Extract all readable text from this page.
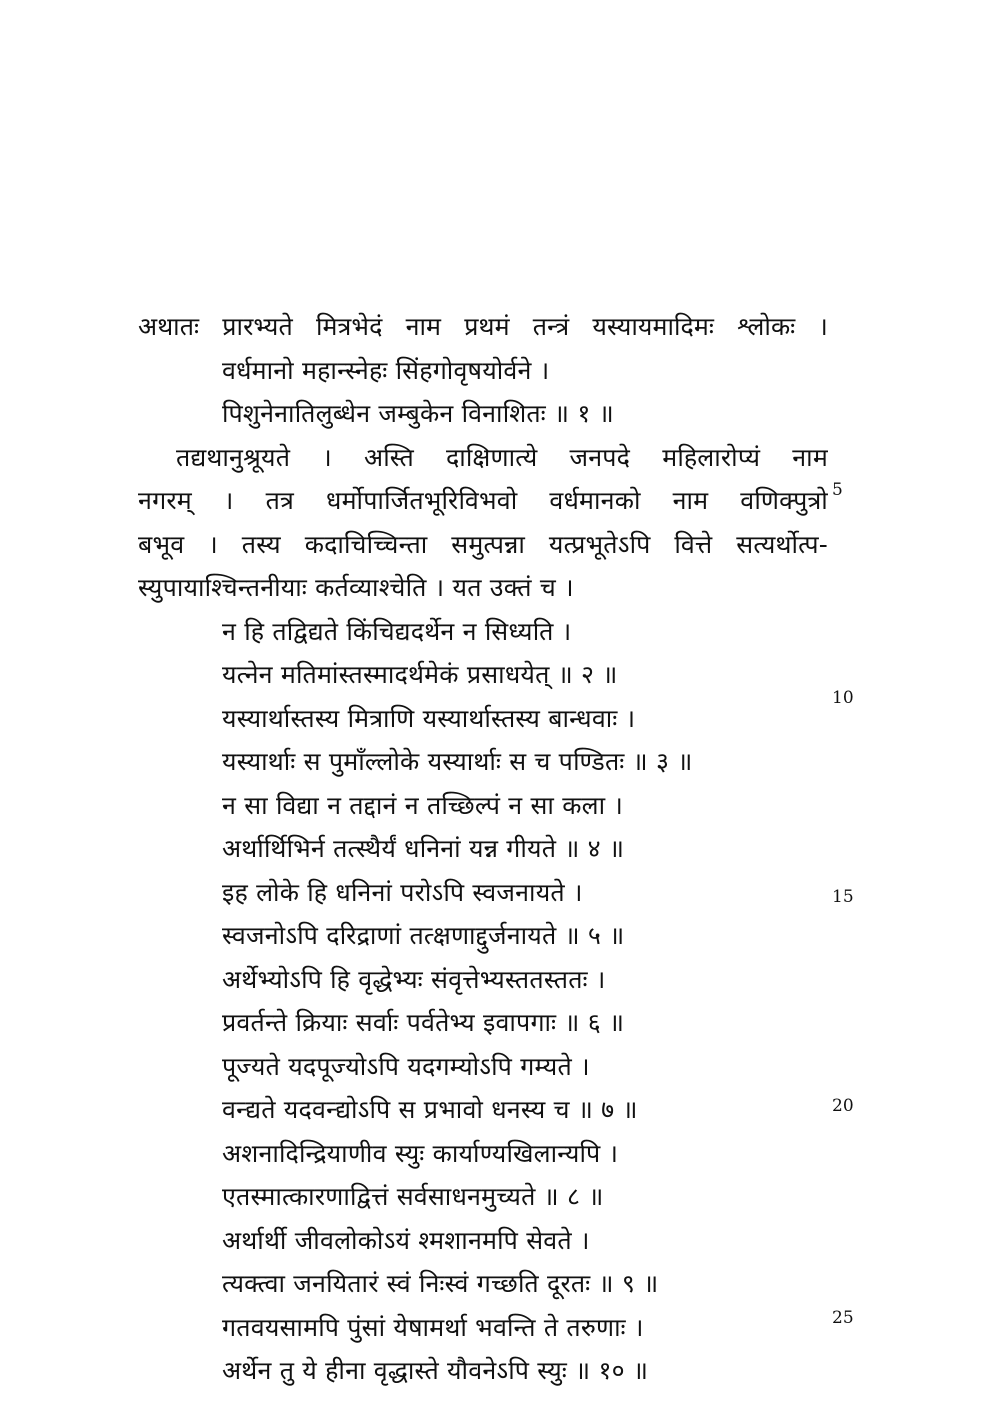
अथातः प्रारभ्यते मित्रभेदं नाम प्रथमं तन्त्रं यस्यायमादिमः श्लोकः ।
वर्धमानो महान्स्नेहः सिंहगोवृषयोर्वने ।
पिशुनेनातिलुब्धेन जम्बुकेन विनाशितः ॥ १ ॥
तद्यथानुश्रूयते । अस्ति दाक्षिणात्ये जनपदे महिलारोप्यं नाम
नगरम् । तत्र धर्मोपार्जितभूरिविभवो वर्धमानको नाम वणिक्पुत्रो
बभूव । तस्य कदाचिच्चिन्ता समुत्पन्ना यत्प्रभूतेऽपि वित्ते सत्यर्थोत्प-
स्युपायाश्चिन्तनीयाः कर्तव्याश्चेति । यत उक्तं च ।
न हि तद्विद्यते किंचिद्यदर्थेन न सिध्यति ।
यत्नेन मतिमांस्तस्मादर्थमेकं प्रसाधयेत् ॥ २ ॥
यस्यार्थास्तस्य मित्राणि यस्यार्थास्तस्य बान्धवाः ।
यस्यार्थाः स पुमाँल्लोके यस्यार्थाः स च पण्डितः ॥ ३ ॥
न सा विद्या न तद्दानं न तच्छिल्पं न सा कला ।
अर्थार्थिभिर्न तत्स्थैर्यं धनिनां यन्न गीयते ॥ ४ ॥
इह लोके हि धनिनां परोऽपि स्वजनायते ।
स्वजनोऽपि दरिद्राणां तत्क्षणाद्दुर्जनायते ॥ ५ ॥
अर्थेभ्योऽपि हि वृद्धेभ्यः संवृत्तेभ्यस्ततस्ततः ।
प्रवर्तन्ते क्रियाः सर्वाः पर्वतेभ्य इवापगाः ॥ ६ ॥
पूज्यते यदपूज्योऽपि यदगम्योऽपि गम्यते ।
वन्द्यते यदवन्द्योऽपि स प्रभावो धनस्य च ॥ ७ ॥
अशनादिन्द्रियाणीव स्युः कार्याण्यखिलान्यपि ।
एतस्मात्कारणाद्वित्तं सर्वसाधनमुच्यते ॥ ८ ॥
अर्थार्थी जीवलोकोऽयं श्मशानमपि सेवते ।
त्यक्त्वा जनयितारं स्वं निःस्वं गच्छति दूरतः ॥ ९ ॥
गतवयसामपि पुंसां येषामर्था भवन्ति ते तरुणाः ।
अर्थेन तु ये हीना वृद्धास्ते यौवनेऽपि स्युः ॥ १० ॥
5
10
15
20
25
